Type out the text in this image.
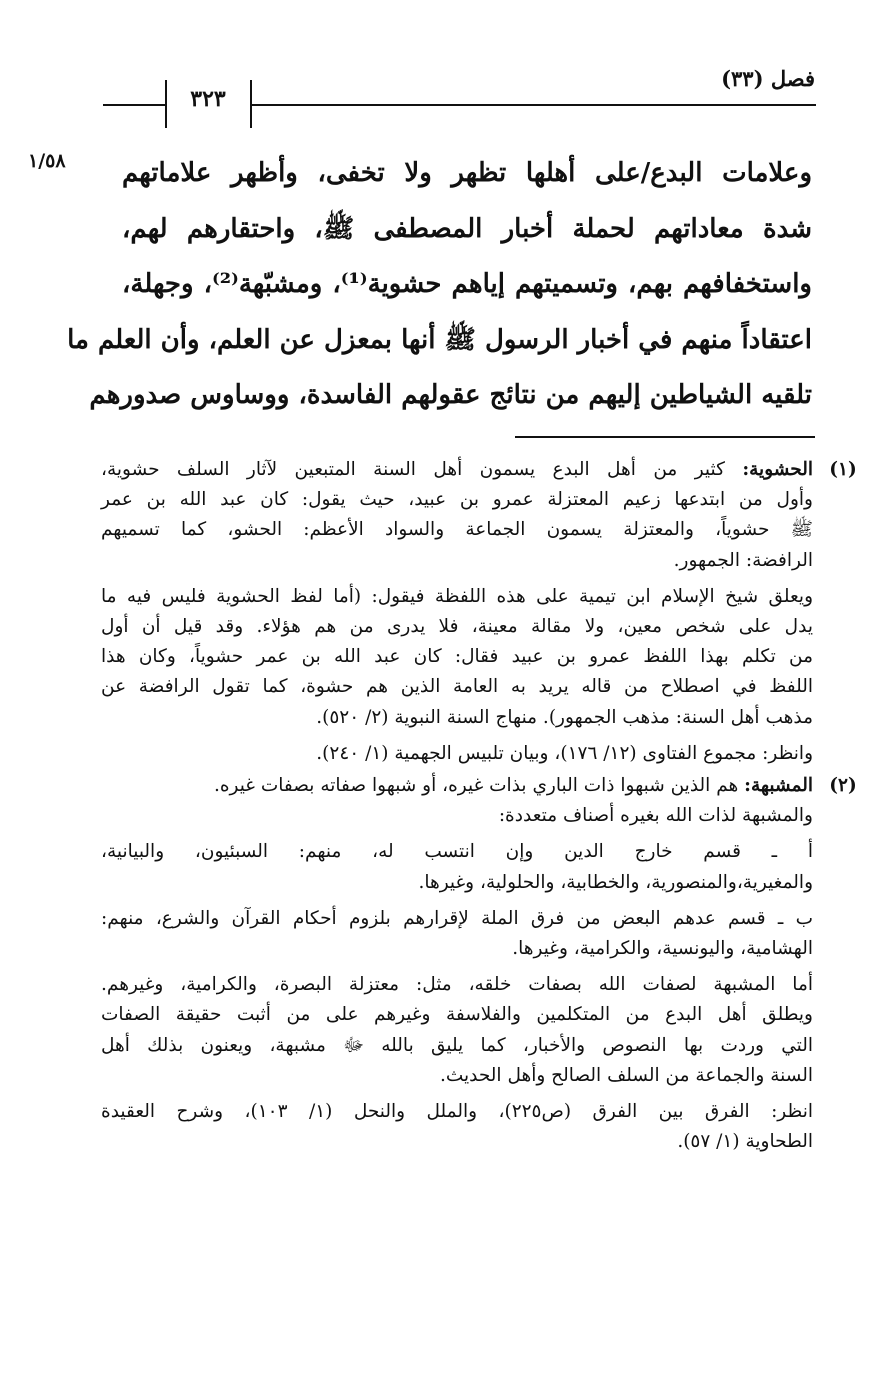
فصل (٣٣)
٣٢٣
١/٥٨	وعلامات البدع/على أهلها تظهر ولا تخفى، وأظهر علاماتهم
شدة معاداتهم لحملة أخبار المصطفى ﷺ، واحتقارهم لهم،
واستخفافهم بهم، وتسميتهم إياهم حشوية⁽¹⁾، ومشبّهة⁽²⁾، وجهلة،
اعتقاداً منهم في أخبار الرسول ﷺ أنها بمعزل عن العلم، وأن العلم ما
تلقيه الشياطين إليهم من نتائج عقولهم الفاسدة، ووساوس صدورهم
(١)
الحشوية: كثير من أهل البدع يسمون أهل السنة المتبعين لآثار السلف حشوية،
وأول من ابتدعها زعيم المعتزلة عمرو بن عبيد، حيث يقول: كان عبد الله بن عمر
ﷺ حشوياً، والمعتزلة يسمون الجماعة والسواد الأعظم: الحشو، كما تسميهم
الرافضة: الجمهور.
ويعلق شيخ الإسلام ابن تيمية على هذه اللفظة فيقول: (أما لفظ الحشوية فليس فيه ما
يدل على شخص معين، ولا مقالة معينة، فلا يدرى من هم هؤلاء. وقد قيل أن أول
من تكلم بهذا اللفظ عمرو بن عبيد فقال: كان عبد الله بن عمر حشوياً، وكان هذا
اللفظ في اصطلاح من قاله يريد به العامة الذين هم حشوة، كما تقول الرافضة عن
مذهب أهل السنة: مذهب الجمهور). منهاج السنة النبوية (٢/ ٥٢٠).
وانظر: مجموع الفتاوى (١٢/ ١٧٦)، وبيان تلبيس الجهمية (١/ ٢٤٠).
(٢)
المشبهة: هم الذين شبهوا ذات الباري بذات غيره، أو شبهوا صفاته بصفات غيره.
والمشبهة لذات الله بغيره أصناف متعددة:
أ ـ قسم خارج الدين وإن انتسب له، منهم: السبئيون، والبيانية،
والمغيرية،والمنصورية، والخطابية، والحلولية، وغيرها.
ب ـ قسم عدهم البعض من فرق الملة لإقرارهم بلزوم أحكام القرآن والشرع، منهم:
الهشامية، واليونسية، والكرامية، وغيرها.
أما المشبهة لصفات الله بصفات خلقه، مثل: معتزلة البصرة، والكرامية، وغيرهم.
ويطلق أهل البدع من المتكلمين والفلاسفة وغيرهم على من أثبت حقيقة الصفات
التي وردت بها النصوص والأخبار، كما يليق بالله ﷻ مشبهة، ويعنون بذلك أهل
السنة والجماعة من السلف الصالح وأهل الحديث.
انظر: الفرق بين الفرق (ص٢٢٥)، والملل والنحل (١/ ١٠٣)، وشرح العقيدة
الطحاوية (١/ ٥٧).
